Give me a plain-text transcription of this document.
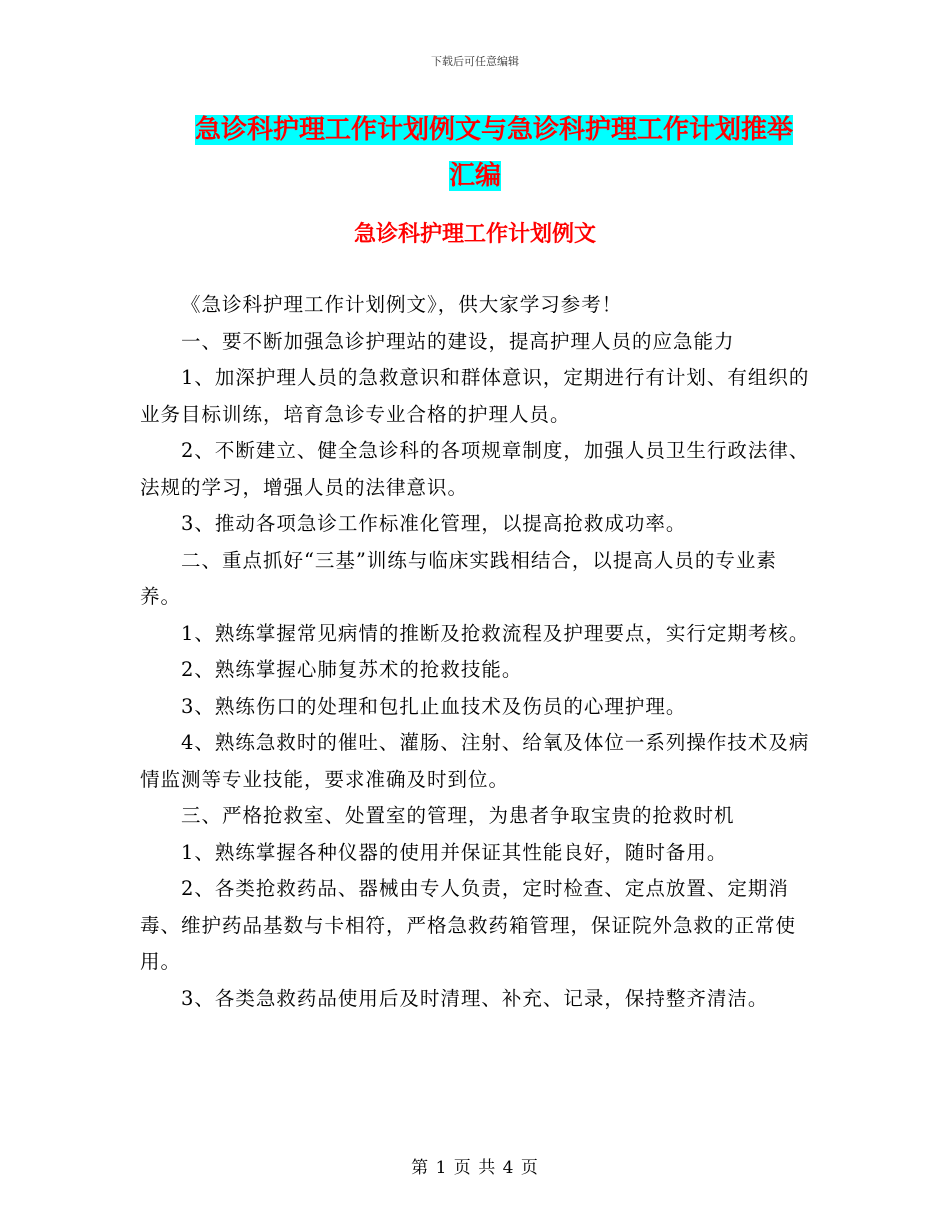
下载后可任意编辑
急诊科护理工作计划例文与急诊科护理工作计划推举
汇编
急诊科护理工作计划例文

《急诊科护理工作计划例文》，供大家学习参考！

一、要不断加强急诊护理站的建设，提高护理人员的应急能力

1、加深护理人员的急救意识和群体意识，定期进行有计划、有组织的业务目标训练，培育急诊专业合格的护理人员。

2、不断建立、健全急诊科的各项规章制度，加强人员卫生行政法律、法规的学习，增强人员的法律意识。

3、推动各项急诊工作标准化管理，以提高抢救成功率。

二、重点抓好“三基”训练与临床实践相结合，以提高人员的专业素养。

1、熟练掌握常见病情的推断及抢救流程及护理要点，实行定期考核。

2、熟练掌握心肺复苏术的抢救技能。

3、熟练伤口的处理和包扎止血技术及伤员的心理护理。

4、熟练急救时的催吐、灌肠、注射、给氧及体位一系列操作技术及病情监测等专业技能，要求准确及时到位。

三、严格抢救室、处置室的管理，为患者争取宝贵的抢救时机

1、熟练掌握各种仪器的使用并保证其性能良好，随时备用。

2、各类抢救药品、器械由专人负责，定时检查、定点放置、定期消毒、维护药品基数与卡相符，严格急救药箱管理，保证院外急救的正常使用。

3、各类急救药品使用后及时清理、补充、记录，保持整齐清洁。

第 1 页 共 4 页
